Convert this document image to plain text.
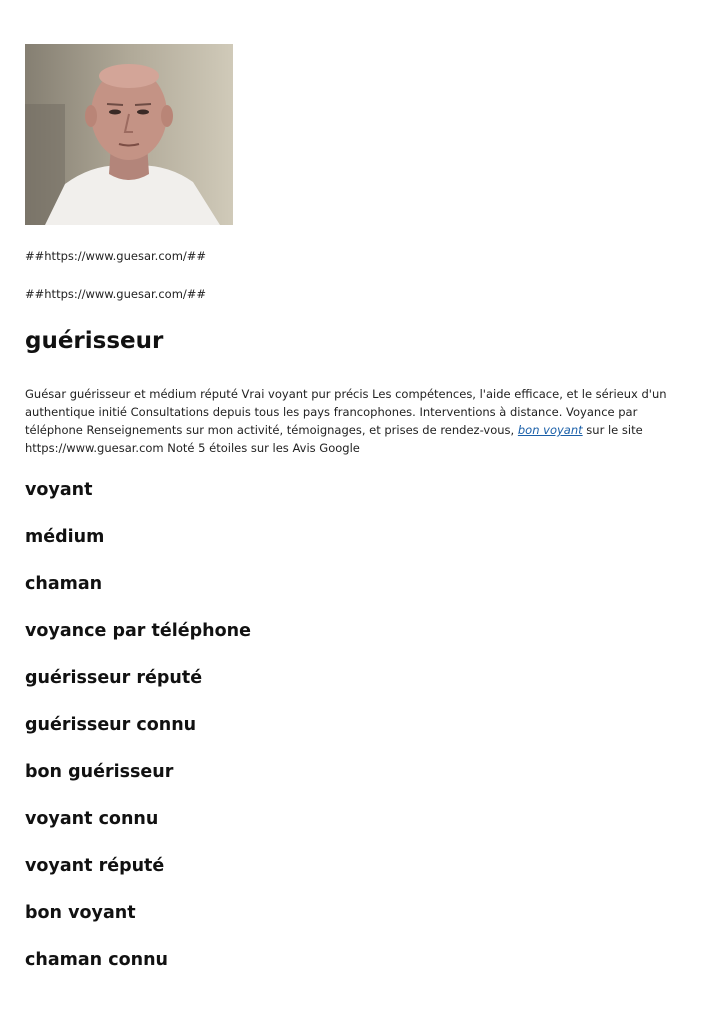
##https://www.guesar.com/##
##https://www.guesar.com/##
guérisseur

Guésar guérisseur et médium réputé Vrai voyant pur précis Les compétences, l'aide efficace, et le sérieux d'un authentique initié Consultations depuis tous les pays francophones. Interventions à distance. Voyance par téléphone Renseignements sur mon activité, témoignages, et prises de rendez-vous, bon voyant sur le site https://www.guesar.com Noté 5 étoiles sur les Avis Google

voyant
médium
chaman
voyance par téléphone
guérisseur réputé
guérisseur connu
bon guérisseur
voyant connu
voyant réputé
bon voyant
chaman connu
